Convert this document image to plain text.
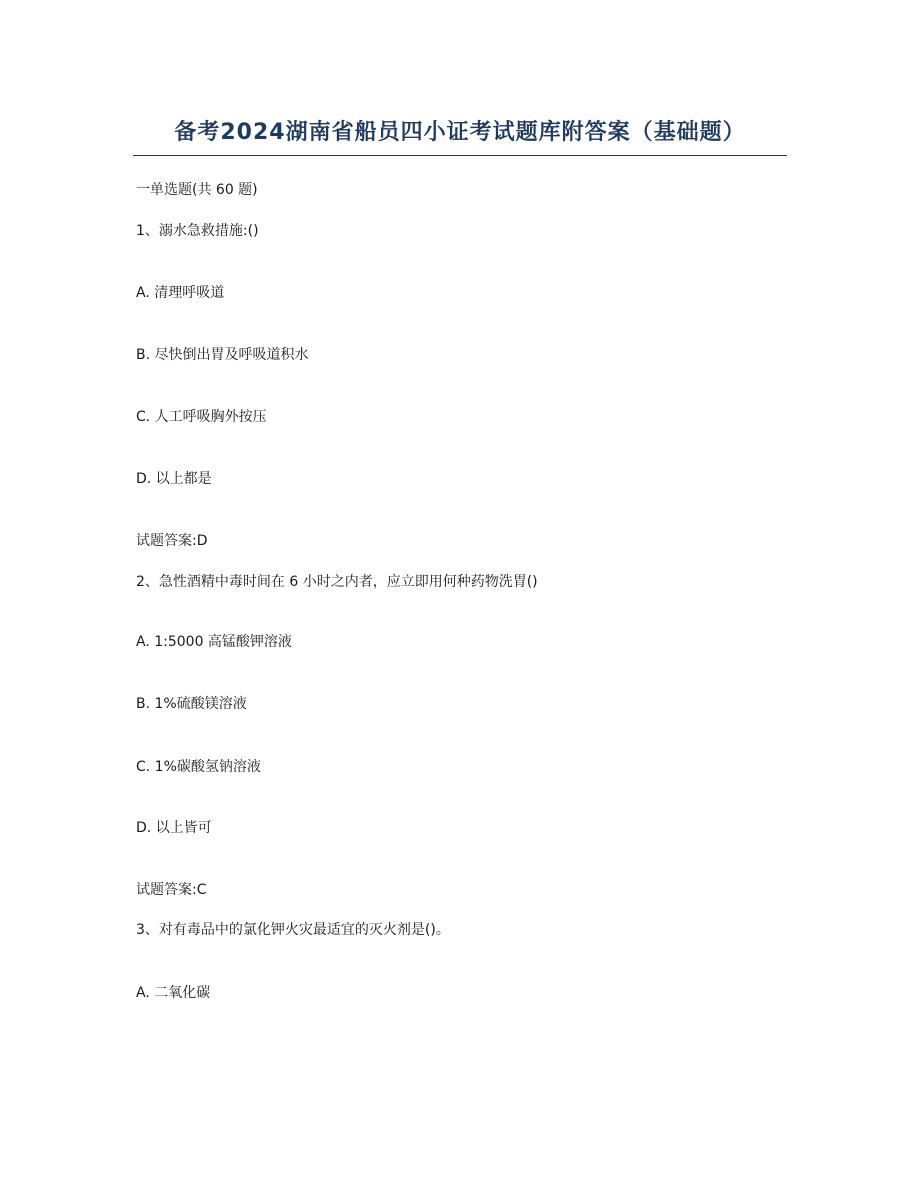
备考2024湖南省船员四小证考试题库附答案（基础题）
一单选题(共 60 题)
1、溺水急救措施:()
A. 清理呼吸道
B. 尽快倒出胃及呼吸道积水
C. 人工呼吸胸外按压
D. 以上都是
试题答案:D
2、急性酒精中毒时间在 6 小时之内者，应立即用何种药物洗胃()
A. 1:5000 高锰酸钾溶液
B. 1%硫酸镁溶液
C. 1%碳酸氢钠溶液
D. 以上皆可
试题答案:C
3、对有毒品中的氯化钾火灾最适宜的灭火剂是()。
A. 二氧化碳
